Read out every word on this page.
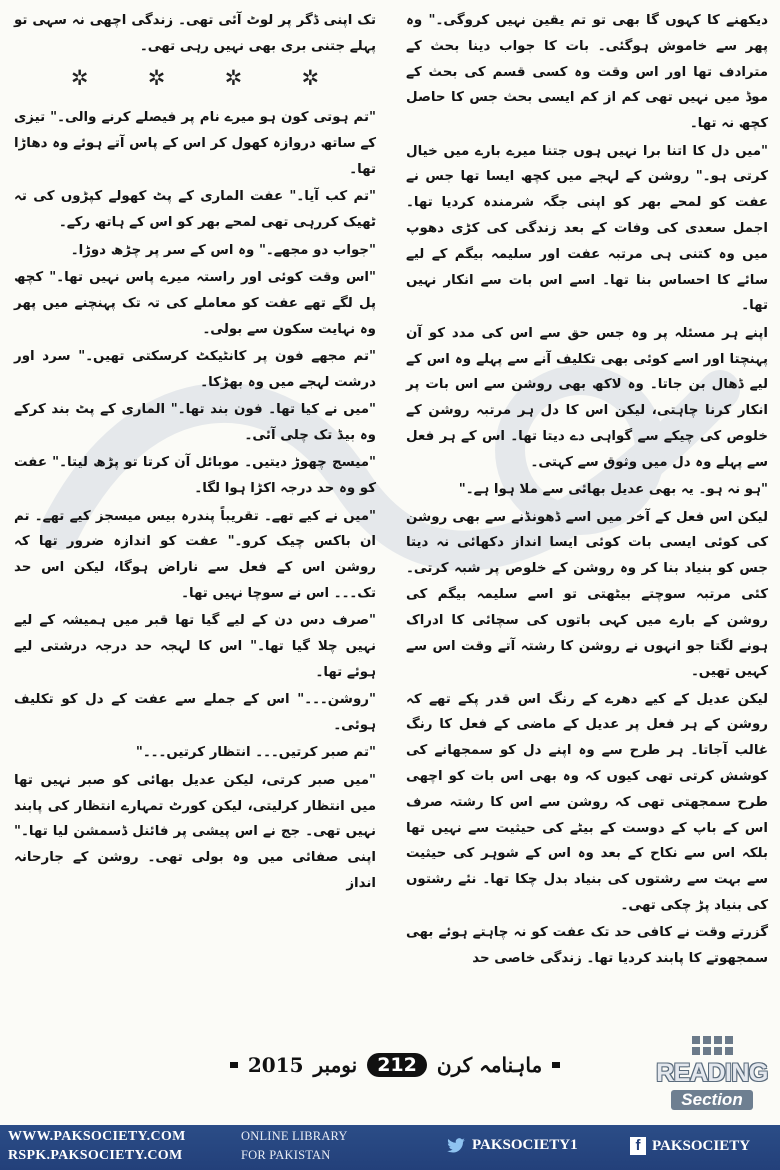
دیکھنے کا کہوں گا بھی تو تم یقین نہیں کروگی۔" وہ پھر سے خاموش ہوگئی۔ بات کا جواب دینا بحث کے مترادف تھا اور اس وقت وہ کسی قسم کی بحث کے موڈ میں نہیں تھی کم از کم ایسی بحث جس کا حاصل کچھ نہ تھا۔

"میں دل کا اتنا برا نہیں ہوں جتنا میرے بارے میں خیال کرتی ہو۔" روشن کے لہجے میں کچھ ایسا تھا جس نے عفت کو لمحے بھر کو اپنی جگہ شرمندہ کردیا تھا۔ اجمل سعدی کی وفات کے بعد زندگی کی کڑی دھوپ میں وہ کتنی ہی مرتبہ عفت اور سلیمہ بیگم کے لیے سائے کا احساس بنا تھا۔ اسے اس بات سے انکار نہیں تھا۔

اپنے ہر مسئلہ پر وہ جس حق سے اس کی مدد کو آن پہنچتا اور اسے کوئی بھی تکلیف آنے سے پہلے وہ اس کے لیے ڈھال بن جاتا۔ وہ لاکھ بھی روشن سے اس بات پر انکار کرنا چاہتی، لیکن اس کا دل ہر مرتبہ روشن کے خلوص کی چیکے سے گواہی دے دیتا تھا۔ اس کے ہر فعل سے پہلے وہ دل میں وثوق سے کہتی۔

"ہو نہ ہو۔ یہ بھی عدیل بھائی سے ملا ہوا ہے۔"

لیکن اس فعل کے آخر میں اسے ڈھونڈنے سے بھی روشن کی کوئی ایسی بات کوئی ایسا انداز دکھائی نہ دیتا جس کو بنیاد بنا کر وہ روشن کے خلوص پر شبہ کرتی۔ کئی مرتبہ سوچتے بیٹھتی تو اسے سلیمہ بیگم کی روشن کے بارے میں کہی باتوں کی سچائی کا ادراک ہونے لگتا جو انہوں نے روشن کا رشتہ آتے وقت اس سے کہیں تھیں۔

لیکن عدیل کے کیے دھرے کے رنگ اس قدر پکے تھے کہ روشن کے ہر فعل پر عدیل کے ماضی کے فعل کا رنگ غالب آجاتا۔ ہر طرح سے وہ اپنے دل کو سمجھانے کی کوشش کرتی تھی کیوں کہ وہ بھی اس بات کو اچھی طرح سمجھتی تھی کہ روشن سے اس کا رشتہ صرف اس کے باپ کے دوست کے بیٹے کی حیثیت سے نہیں تھا بلکہ اس سے نکاح کے بعد وہ اس کے شوہر کی حیثیت سے بہت سے رشتوں کی بنیاد بدل چکا تھا۔ نئے رشتوں کی بنیاد پڑ چکی تھی۔

گزرتے وقت نے کافی حد تک عفت کو نہ چاہتے ہوئے بھی سمجھوتے کا پابند کردیا تھا۔ زندگی خاصی حد

تک اپنی ڈگر پر لوٹ آئی تھی۔ زندگی اچھی نہ سہی تو پہلے جتنی بری بھی نہیں رہی تھی۔

✲ ✲ ✲ ✲

"تم ہوتی کون ہو میرے نام پر فیصلے کرنے والی۔" تیزی کے ساتھ دروازہ کھول کر اس کے پاس آتے ہوئے وہ دھاڑا تھا۔

"تم کب آیا۔" عفت الماری کے پٹ کھولے کپڑوں کی تہ ٹھیک کررہی تھی لمحے بھر کو اس کے ہاتھ رکے۔

"جواب دو مجھے۔" وہ اس کے سر پر چڑھ دوڑا۔

"اس وقت کوئی اور راستہ میرے پاس نہیں تھا۔" کچھ پل لگے تھے عفت کو معاملے کی تہ تک پہنچنے میں پھر وہ نہایت سکون سے بولی۔

"تم مجھے فون پر کانٹیکٹ کرسکتی تھیں۔" سرد اور درشت لہجے میں وہ بھڑکا۔

"میں نے کیا تھا۔ فون بند تھا۔" الماری کے پٹ بند کرکے وہ بیڈ تک چلی آئی۔

"میسج چھوڑ دیتیں۔ موبائل آن کرتا تو پڑھ لیتا۔" عفت کو وہ حد درجہ اکڑا ہوا لگا۔

"میں نے کیے تھے۔ تقریباً پندرہ بیس میسجز کیے تھے۔ تم ان باکس چیک کرو۔" عفت کو اندازہ ضرور تھا کہ روشن اس کے فعل سے ناراض ہوگا، لیکن اس حد تک۔۔۔ اس نے سوچا نہیں تھا۔

"صرف دس دن کے لیے گیا تھا قبر میں ہمیشہ کے لیے نہیں چلا گیا تھا۔" اس کا لہجہ حد درجہ درشتی لیے ہوئے تھا۔

"روشن۔۔۔" اس کے جملے سے عفت کے دل کو تکلیف ہوئی۔

"تم صبر کرتیں۔۔۔ انتظار کرتیں۔۔۔"

"میں صبر کرتی، لیکن عدیل بھائی کو صبر نہیں تھا میں انتظار کرلیتی، لیکن کورٹ تمہارے انتظار کی پابند نہیں تھی۔ جج نے اس پیشی پر فائنل ڈسمشن لیا تھا۔" اپنی صفائی میں وہ بولی تھی۔ روشن کے جارحانہ انداز

2015 نومبر	212	ماہنامہ کرن	READING
Section
WWW.PAKSOCIETY.COM
RSPK.PAKSOCIETY.COM
ONLINE LIBRARY
FOR PAKISTAN
PAKSOCIETY1	f PAKSOCIETY
